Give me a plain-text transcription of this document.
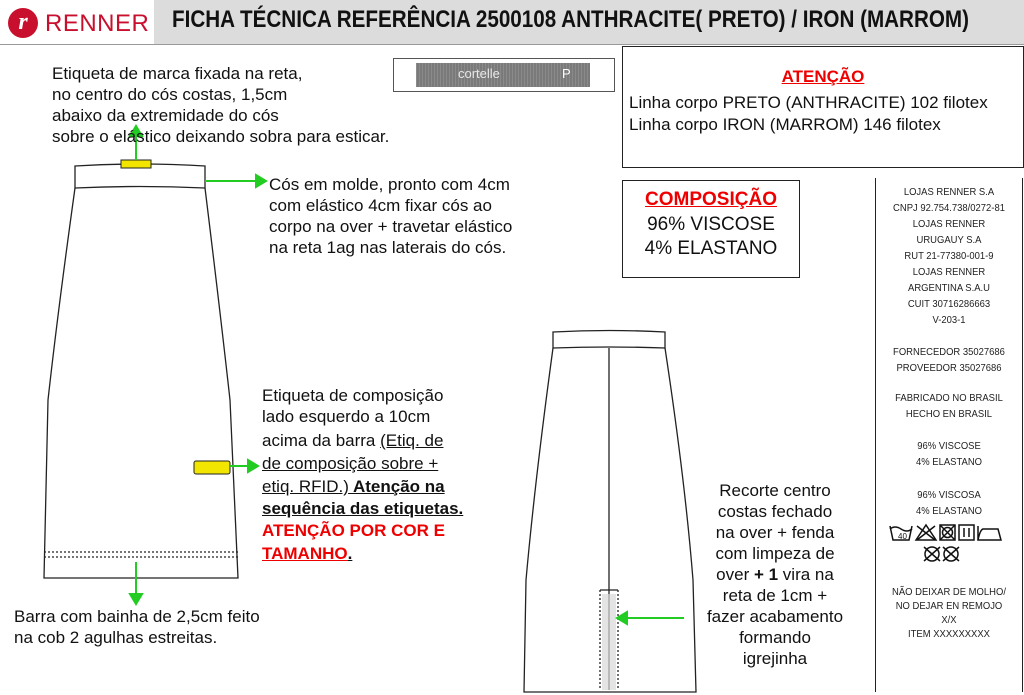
r RENNER FICHA TÉCNICA REFERÊNCIA 2500108 ANTHRACITE( PRETO) / IRON (MARROM)
Etiqueta de marca fixada na reta,
no centro do cós costas, 1,5cm
abaixo da extremidade do cós
sobre o elástico deixando sobra para esticar.
cortelle	P
Cós em molde, pronto com 4cm
com elástico 4cm fixar cós ao
corpo na over + travetar elástico
na reta 1ag nas laterais do cós.
Etiqueta de composição
lado esquerdo a 10cm
acima da barra (Etiq. de
de composição sobre +
etiq. RFID.) Atenção na
sequência das etiquetas.
ATENÇÃO POR COR E
TAMANHO.
Barra com bainha de 2,5cm feito
na cob 2 agulhas estreitas.
Recorte centro
costas fechado
na over + fenda
com limpeza de
over + 1 vira na
reta de 1cm +
fazer acabamento
formando
igrejinha
ATENÇÃO
Linha corpo PRETO (ANTHRACITE) 102 filotex
Linha corpo IRON (MARROM) 146 filotex
COMPOSIÇÃO
96% VISCOSE
4% ELASTANO
LOJAS RENNER S.A
CNPJ 92.754.738/0272-81
LOJAS RENNER
URUGAUY S.A
RUT 21-77380-001-9
LOJAS RENNER
ARGENTINA S.A.U
CUIT 30716286663
V-203-1
FORNECEDOR 35027686
PROVEEDOR 35027686
FABRICADO NO BRASIL
HECHO EN BRASIL
96% VISCOSE
4% ELASTANO
96% VISCOSA
4% ELASTANO
40
NÃO DEIXAR DE MOLHO/
NO DEJAR EN REMOJO
X/X
ITEM XXXXXXXXX
